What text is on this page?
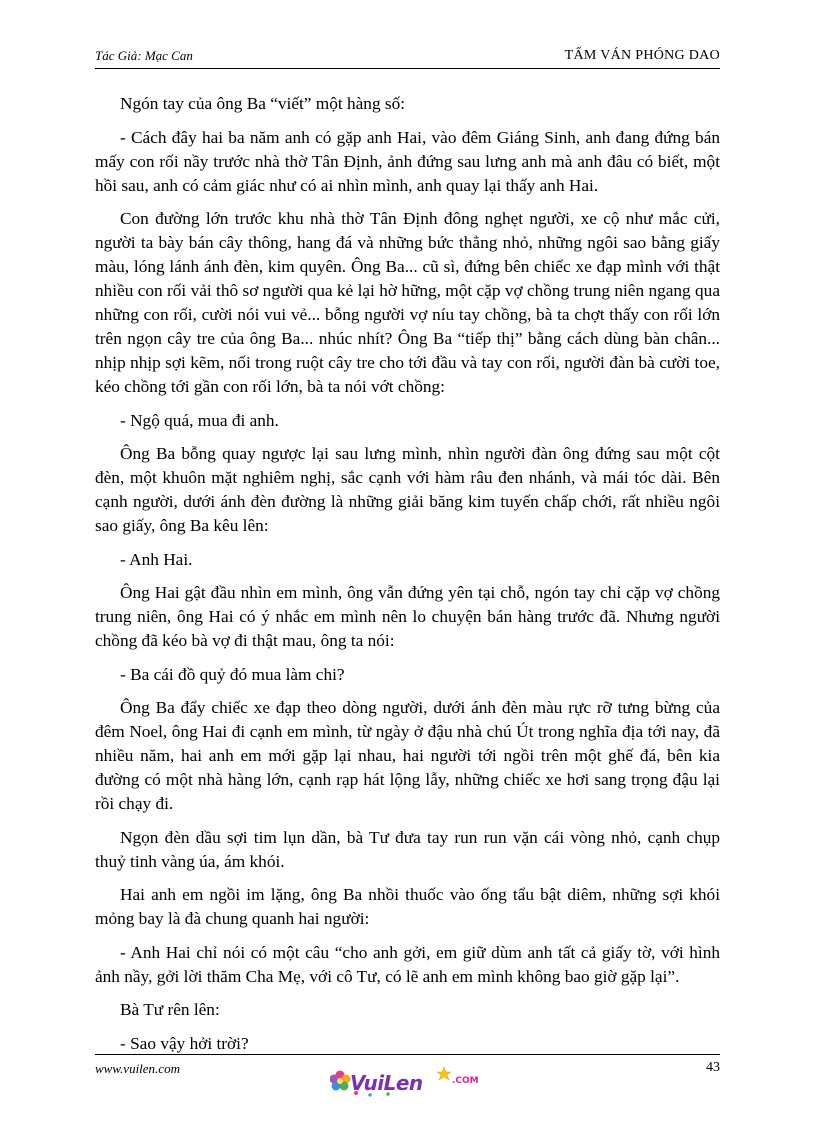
Tác Giả: Mạc Can	TẤM VÁN PHÓNG DAO

Ngón tay của ông Ba “viết” một hàng số:

- Cách đây hai ba năm anh có gặp anh Hai, vào đêm Giáng Sinh, anh đang đứng bán mấy con rối nầy trước nhà thờ Tân Định, ảnh đứng sau lưng anh mà anh đâu có biết, một hồi sau, anh có cảm giác như có ai nhìn mình, anh quay lại thấy anh Hai.

Con đường lớn trước khu nhà thờ Tân Định đông nghẹt người, xe cộ như mắc cửi, người ta bày bán cây thông, hang đá và những bức thẳng nhỏ, những ngôi sao bằng giấy màu, lóng lánh ánh đèn, kim quyên. Ông Ba... cũ sì, đứng bên chiếc xe đạp mình với thật nhiều con rối vải thô sơ người qua kẻ lại hờ hững, một cặp vợ chồng trung niên ngang qua những con rối, cười nói vui vẻ... bỗng người vợ níu tay chồng, bà ta chợt thấy con rối lớn trên ngọn cây tre của ông Ba... nhúc nhít? Ông Ba “tiếp thị” bằng cách dùng bàn chân... nhịp nhịp sợi kẽm, nối trong ruột cây tre cho tới đầu và tay con rối, người đàn bà cười toe, kéo chồng tới gần con rối lớn, bà ta nói vớt chồng:

- Ngộ quá, mua đi anh.

Ông Ba bỗng quay ngược lại sau lưng mình, nhìn người đàn ông đứng sau một cột đèn, một khuôn mặt nghiêm nghị, sắc cạnh với hàm râu đen nhánh, và mái tóc dài. Bên cạnh người, dưới ánh đèn đường là những giải băng kim tuyến chấp chới, rất nhiều ngôi sao giấy, ông Ba kêu lên:

- Anh Hai.

Ông Hai gật đầu nhìn em mình, ông vẫn đứng yên tại chỗ, ngón tay chỉ cặp vợ chồng trung niên, ông Hai có ý nhắc em mình nên lo chuyện bán hàng trước đã. Nhưng người chồng đã kéo bà vợ đi thật mau, ông ta nói:

- Ba cái đồ quỷ đó mua làm chi?

Ông Ba đẩy chiếc xe đạp theo dòng người, dưới ánh đèn màu rực rỡ tưng bừng của đêm Noel, ông Hai đi cạnh em mình, từ ngày ở đậu nhà chú Út trong nghĩa địa tới nay, đã nhiều năm, hai anh em mới gặp lại nhau, hai người tới ngồi trên một ghế đá, bên kia đường có một nhà hàng lớn, cạnh rạp hát lộng lẫy, những chiếc xe hơi sang trọng đậu lại rồi chạy đi.

Ngọn đèn dầu sợi tim lụn dần, bà Tư đưa tay run run vặn cái vòng nhỏ, cạnh chụp thuỷ tinh vàng úa, ám khói.

Hai anh em ngồi im lặng, ông Ba nhồi thuốc vào ống tẩu bật diêm, những sợi khói mỏng bay là đà chung quanh hai người:

- Anh Hai chỉ nói có một câu “cho anh gởi, em giữ dùm anh tất cả giấy tờ, với hình ảnh nầy, gởi lời thăm Cha Mẹ, với cô Tư, có lẽ anh em mình không bao giờ gặp lại”.

Bà Tư rên lên:

- Sao vậy hởi trời?

www.vuilen.com
VuiLen	.COM
43
